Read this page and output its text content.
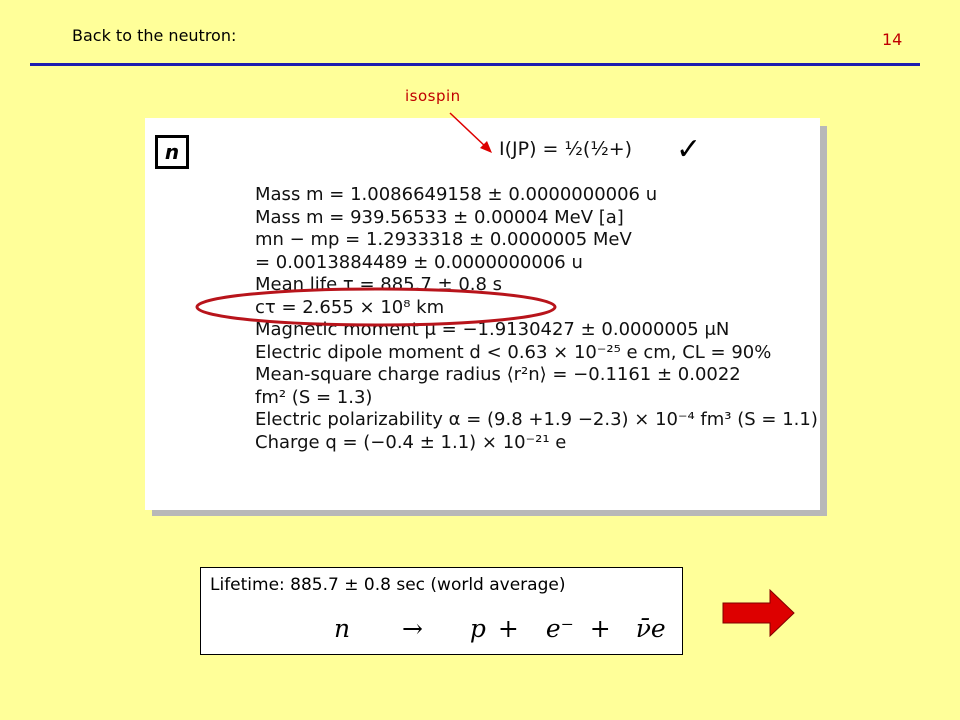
Back to the neutron:	14
isospin
n	I(JP) = ½(½+)
Mass m = 1.0086649158 ± 0.0000000006 u
Mass m = 939.56533 ± 0.00004 MeV [a]
mn − mp = 1.2933318 ± 0.0000005 MeV
= 0.0013884489 ± 0.0000000006 u
Mean life τ = 885.7 ± 0.8 s
cτ = 2.655 × 10⁸ km
Magnetic moment μ = −1.9130427 ± 0.0000005 μN
Electric dipole moment d < 0.63 × 10⁻²⁵ e cm, CL = 90%
Mean-square charge radius ⟨r²n⟩ = −0.1161 ± 0.0022
fm² (S = 1.3)
Electric polarizability α = (9.8 +1.9 −2.3) × 10⁻⁴ fm³ (S = 1.1)
Charge q = (−0.4 ± 1.1) × 10⁻²¹ e
✓
Lifetime: 885.7 ± 0.8 sec (world average)
n → p + e⁻ + ν̄e
